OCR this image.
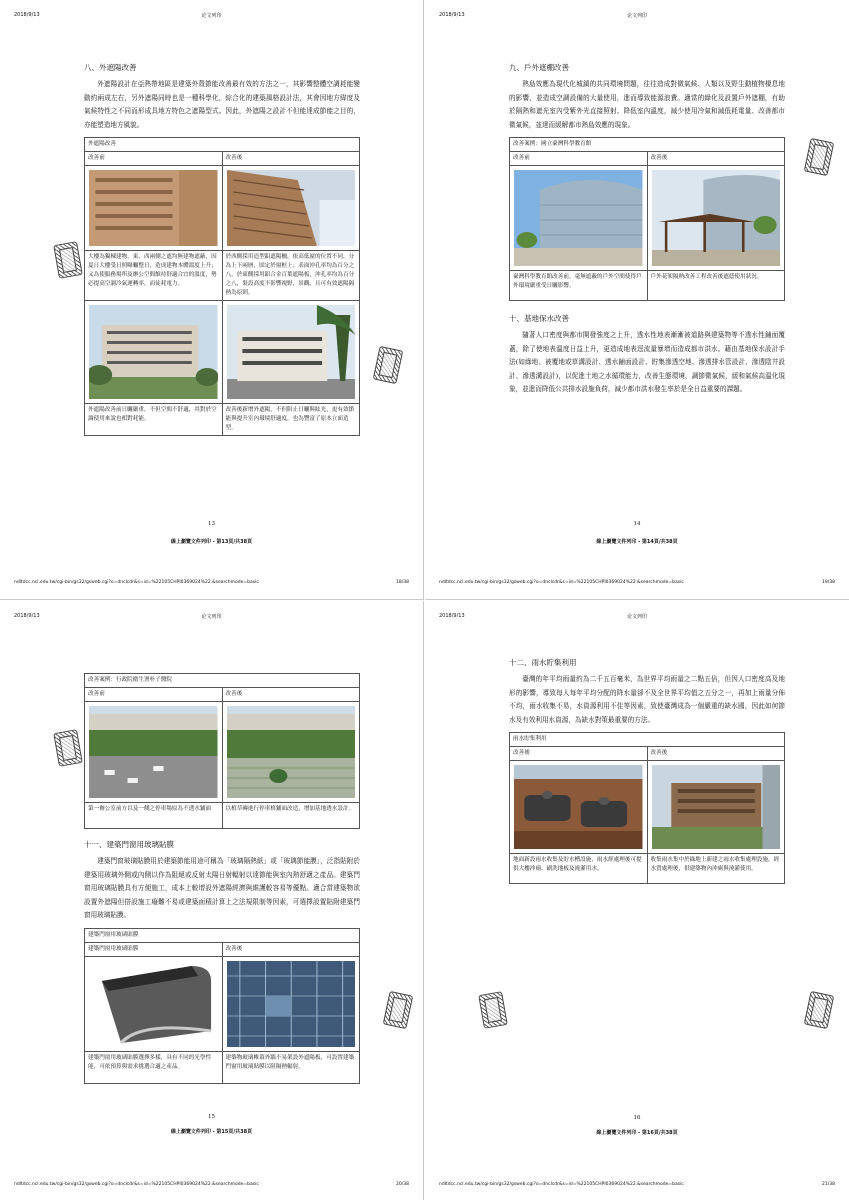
2018/9/13	论文列印
八、外遮陽改善
外遮陽設計在亞熱帶地區是建築外殼節能改善最有效的方法之一，其影響整體空調耗能變動約兩成左右，另外遮陽同時也是一種科學化，綜合化的建築風格設計法，其會因地方緯度及氣候特性之不同而形成具地方特色之遮陽型式。因此，外遮陽之設計不但能達成節能之目的，亦能塑造地方風貌。
外遮陽改善	
改善前	改善後

大樓為獨棟建物，東、西兩側之遮均無建物遮蔽，因夏日大樓受日照曝曬整日，造成建物本體溫度上升；又為使服務場所及辦公空間維持舒適合宜的溫度，勢必提高空調冷氣運轉率，而徒耗電力。	於西側採用造型鋁遮陽柵，依高低窗的位置不同，分為上下兩層，固定於窗框上；表面沖孔率均為百分之八，於東側採用鋁合金百葉遮陽板，沖孔率均為百分之八，裝設高度不影響視野、景觀，且可有效遮陽隔熱為原則。

外遮陽改善前日曬嚴重，不但空間不舒適，其對於空調使用來說也相對耗能。	改善後新增外遮陽，不但阻止日曬與眩光，更有效節能與提升室內環境舒適度，也為豐富了原本立面造型。
13
線上瀏覽文件列印 - 第13頁/共38頁
ndltdcc.ncl.edu.tw/cgi-bin/gs32/gsweb.cgi?o=dnclcdr&s=id=%22105CHPI0369024%22.&searchmode=basic	18/38
2018/9/13	论文列印
九、戶外遮棚改善
熱島效應為現代化城鎮的共同環境問題，往往造成對微氣候、人類以及野生動植物棲息地的影響，並造成空調設備的大量使用，進而導致能源浪費。適當的綠化及設置戶外遮棚，有助於隔熱和遮光室內受紫外光直接照射、降低室內溫度，減少使用冷氣和減低耗電量、改善都市微氣候，並達而緩解都市熱島效應的現象。
改善案例：國立臺灣科學教育館	
改善前	改善後

臺灣科學教育館改善前，毫無遮蔽的戶外空間使得戶外環境嚴重受日曬影響。	戶外花架隔熱改善工程改善後遮蔭使用狀況。
十、基地保水改善
隨著人口密度與都市開發強度之上升，透水性地表漸漸被道路與建築物等不透水性鋪面覆蓋，除了使地表溫度日益上升，更造成地表逕流量暴增而造成都市洪水。藉由基地保水設計手法(如綠地、被覆地或草溝設計、透水鋪面設計、貯集滲透空地、滲透排水管設計、滲透陰井設計、滲透溝設計)，以促進土地之水循環能力，改善生態環境，調節微氣候，緩和氣候高溫化現象，並進而降低公共排水設施負荷，減少都市洪水發生率於是全日益重要的課題。
14
線上瀏覽文件列印 - 第14頁/共38頁
ndltdcc.ncl.edu.tw/cgi-bin/gs32/gsweb.cgi?o=dnclcdr&s=id=%22105CHPI0369024%22.&searchmode=basic	19/38
2018/9/13	论文列印
改善案例：行政院衛生署朴子醫院	
改善前	改善後

第一辦公室前方以及一側之停車場原為不透水鋪面	以植草磚進行停車格鋪面改造，增加基地透水設計。
十一、建築門窗用玻璃貼膜
建築門窗玻璃貼膜用於建築節能用途可稱為「玻璃隔熱紙」或「玻璃節能膜」，泛指貼附於建築用玻璃外側或內側以作為阻絕或反射太陽日射輻射以達節能與室內熱舒適之產品。建築門窗用玻璃貼膜具有方便施工，成本上較增設外遮陽經濟與維護較容易等優點。適合當建築物欲設置外遮陽但搭設施工癈難不易或建築面積計算上之法規限制等因素，可選擇設置貼附建築門窗用玻璃貼膜。
建築門窗用玻璃貼膜	
建築門窗用玻璃貼膜	改善後

建築門窗用玻璃貼膜選擇多樣，具有不同的光學性能，可依預算與需求挑選合適之產品。	建築物玻璃帷幕外牆不易架設外遮陽板，可設置建築門窗用玻璃貼膜以阻隔熱輻射。
15
線上瀏覽文件列印 - 第15頁/共38頁
ndltdcc.ncl.edu.tw/cgi-bin/gs32/gsweb.cgi?o=dnclcdr&s=id=%22105CHPI0369024%22.&searchmode=basic	20/38
2018/9/13	论文列印
十二、雨水貯集利用
臺灣的年平均雨量約為二千五百毫米，為世界平均雨量之二點五倍，但因人口密度高及地形的影響，導致每人每年平均分配的降水量卻不及全世界平均值之五分之一，再加上雨量分佈不均，雨水收集不易，水資源利用不佳等因素，致使臺灣成為一個嚴重的缺水國，因此如何節水及有效利用水資源，為缺水對策最重要的方法。
雨水貯集利用	
改善後	改善後

地面新設雨水收集及貯水槽設施，雨水經處理後可提供大樓沖廁、刷洗地板及澆灌用水。	收集雨水集中於綠地上新建之雨水收集處理設施，經水質處理後，供建築物內沖廁與澆灌使用。
16
線上瀏覽文件列印 - 第16頁/共38頁
ndltdcc.ncl.edu.tw/cgi-bin/gs32/gsweb.cgi?o=dnclcdr&s=id=%22105CHPI0369024%22.&searchmode=basic	21/38
